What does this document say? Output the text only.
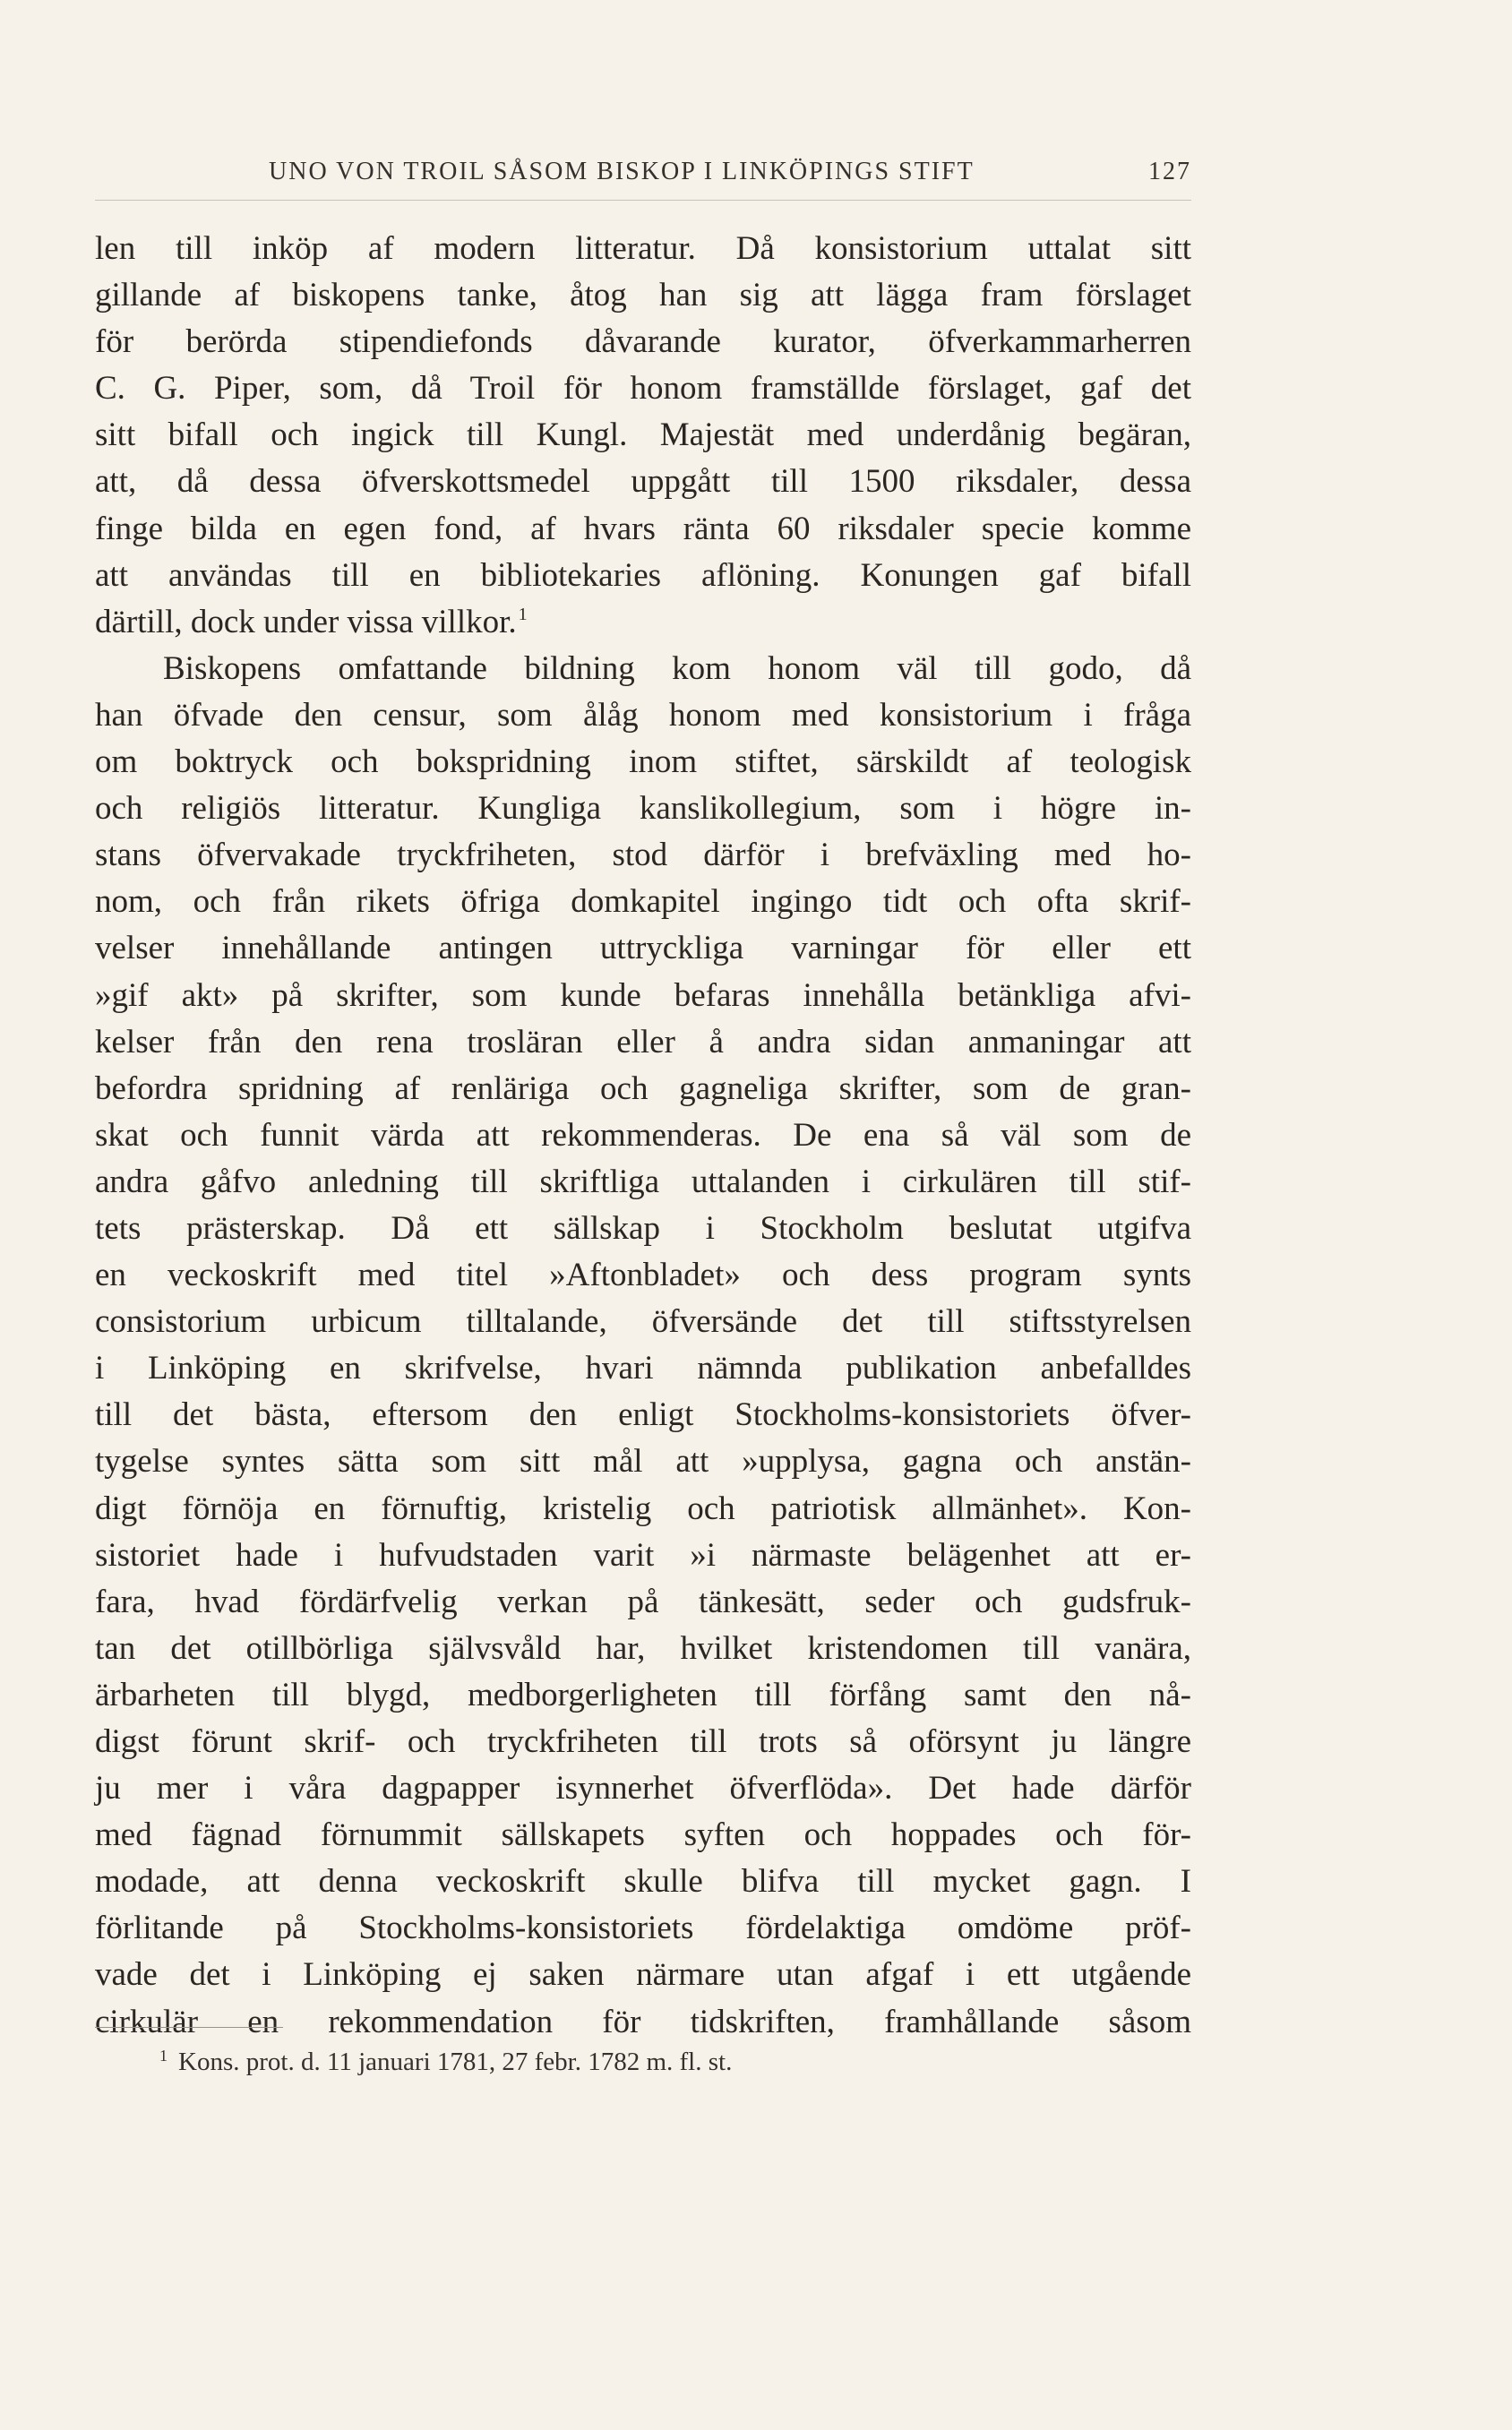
UNO VON TROIL SÅSOM BISKOP I LINKÖPINGS STIFT	127
len till inköp af modern litteratur. Då konsistorium uttalat sitt
gillande af biskopens tanke, åtog han sig att lägga fram förslaget
för berörda stipendiefonds dåvarande kurator, öfverkammarherren
C. G. Piper, som, då Troil för honom framställde förslaget, gaf det
sitt bifall och ingick till Kungl. Majestät med underdånig begäran,
att, då dessa öfverskottsmedel uppgått till 1500 riksdaler, dessa
finge bilda en egen fond, af hvars ränta 60 riksdaler specie komme
att användas till en bibliotekaries aflöning. Konungen gaf bifall
därtill, dock under vissa villkor. $^1$
Biskopens omfattande bildning kom honom väl till godo, då
han öfvade den censur, som ålåg honom med konsistorium i fråga
om boktryck och bokspridning inom stiftet, särskildt af teologisk
och religiös litteratur. Kungliga kanslikollegium, som i högre in-
stans öfvervakade tryckfriheten, stod därför i brefväxling med ho-
nom, och från rikets öfriga domkapitel ingingo tidt och ofta skrif-
velser innehållande antingen uttryckliga varningar för eller ett
»gif akt» på skrifter, som kunde befaras innehålla betänkliga afvi-
kelser från den rena trosläran eller å andra sidan anmaningar att
befordra spridning af renläriga och gagneliga skrifter, som de gran-
skat och funnit värda att rekommenderas. De ena så väl som de
andra gåfvo anledning till skriftliga uttalanden i cirkulären till stif-
tets prästerskap. Då ett sällskap i Stockholm beslutat utgifva
en veckoskrift med titel »Aftonbladet» och dess program synts
consistorium urbicum tilltalande, öfversände det till stiftsstyrelsen
i Linköping en skrifvelse, hvari nämnda publikation anbefalldes
till det bästa, eftersom den enligt Stockholms-konsistoriets öfver-
tygelse syntes sätta som sitt mål att »upplysa, gagna och anstän-
digt förnöja en förnuftig, kristelig och patriotisk allmänhet». Kon-
sistoriet hade i hufvudstaden varit »i närmaste belägenhet att er-
fara, hvad fördärfvelig verkan på tänkesätt, seder och gudsfruk-
tan det otillbörliga självsvåld har, hvilket kristendomen till vanära,
ärbarheten till blygd, medborgerligheten till förfång samt den nå-
digst förunt skrif- och tryckfriheten till trots så oförsynt ju längre
ju mer i våra dagpapper isynnerhet öfverflöda». Det hade därför
med fägnad förnummit sällskapets syften och hoppades och för-
modade, att denna veckoskrift skulle blifva till mycket gagn. I
förlitande på Stockholms-konsistoriets fördelaktiga omdöme pröf-
vade det i Linköping ej saken närmare utan afgaf i ett utgående
cirkulär en rekommendation för tidskriften, framhållande såsom
$^1$ Kons. prot. d. 11 januari 1781, 27 febr. 1782 m. fl. st.
